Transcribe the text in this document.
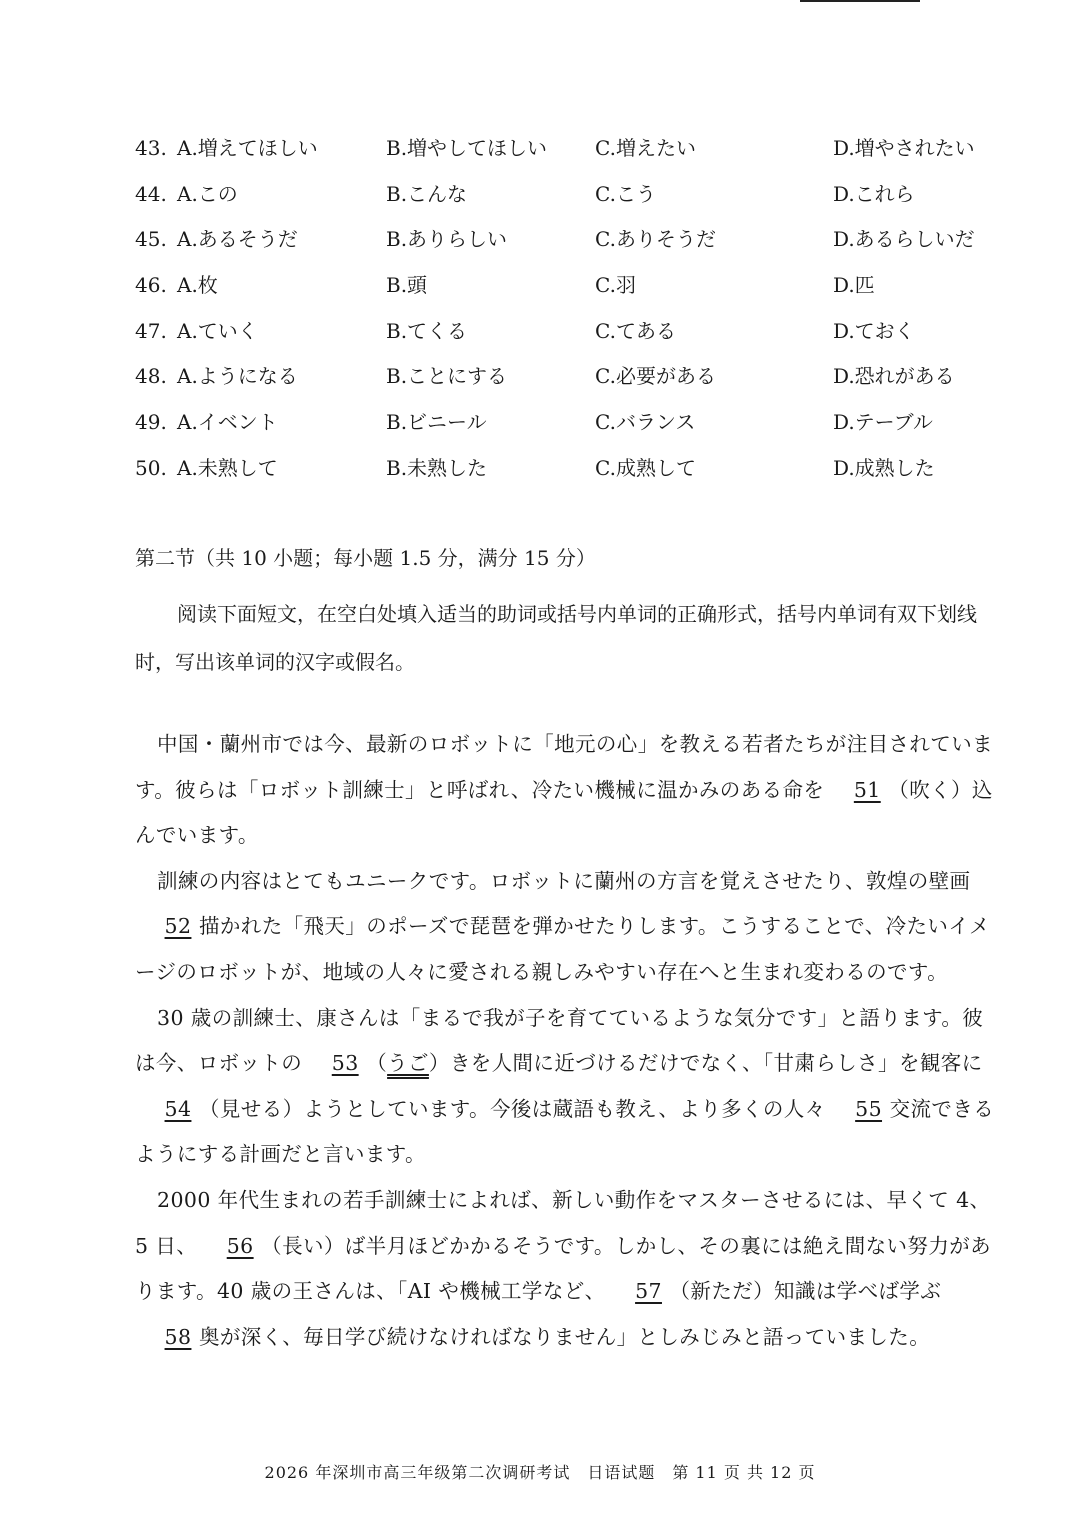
43. A.増えてほしい	B.増やしてほしい C.増えたい	D.増やされたい
44. A.この	B.こんな	C.こう	D.これら
45. A.あるそうだ	B.ありらしい	C.ありそうだ	D.あるらしいだ
46. A.枚	B.頭	C.羽	D.匹
47. A.ていく	B.てくる	C.てある	D.ておく
48. A.ようになる	B.ことにする	C.必要がある	D.恐れがある
49. A.イベント	B.ビニール	C.バランス	D.テーブル
50. A.未熟して	B.未熟した	C.成熟して	D.成熟した
第二节（共 10 小题；每小题 1.5 分，满分 15 分）
阅读下面短文，在空白处填入适当的助词或括号内单词的正确形式，括号内单词有双下划线时，写出该单词的汉字或假名。

中国・蘭州市では今、最新のロボットに「地元の心」を教える若者たちが注目されています。彼らは「ロボット訓練士」と呼ばれ、冷たい機械に温かみのある命を 51 （吹く）込んでいます。

訓練の内容はとてもユニークです。ロボットに蘭州の方言を覚えさせたり、敦煌の壁画52 描かれた「飛天」のポーズで琵琶を弾かせたりします。こうすることで、冷たいイメージのロボットが、地域の人々に愛される親しみやすい存在へと生まれ変わるのです。

30 歳の訓練士、康さんは「まるで我が子を育てているような気分です」と語ります。彼は今、ロボットの 53 （うご）きを人間に近づけるだけでなく、「甘粛らしさ」を観客に54 （見せる）ようとしています。今後は蔵語も教え、より多くの人々 55 交流できるようにする計画だと言います。

2000 年代生まれの若手訓練士によれば、新しい動作をマスターさせるには、早くて 4、5 日、 56 （長い）ば半月ほどかかるそうです。しかし、その裏には絶え間ない努力があります。40 歳の王さんは、「AI や機械工学など、 57 （新ただ）知識は学べば学ぶ58 奥が深く、毎日学び続けなければなりません」としみじみと語っていました。

2026 年深圳市高三年级第二次调研考试　日语试题　第 11 页 共 12 页
